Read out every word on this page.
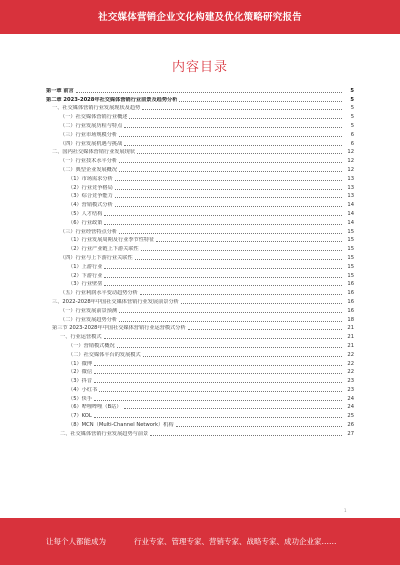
社交媒体营销企业文化构建及优化策略研究报告
内容目录
第一章 前言	5
第二章 2023-2028年社交媒体营销行业前景及趋势分析	5
一、社交媒体营销行业发展现状及趋势	5
（一）社交媒体营销行业概述	5
（二）行业发展历程与特点	5
（三）行业市场规模分析	6
（四）行业发展机遇与挑战	6
二、国内社交媒体营销行业发展现状	12
（一）行业技术水平分析	12
（二）典型企业发展概况	12
（1）市场需求分析	13
（2）行业竞争格局	13
（3）综合竞争能力	13
（4）营销模式分析	14
（5）人才结构	14
（6）行业政策	14
（三）行业经营特点分析	15
（1）行业发展周期及行业季节性特征	15
（2）行业产业链上下游关联性	15
（四）行业与上下游行业关联性	15
（1）上游行业	15
（2）下游行业	15
（3）行业壁垒	16
（五）行业利润水平变动趋势分析	16
三、2022-2028年中国社交媒体营销行业发展前景分析	16
（一）行业发展前景预测	16
（二）行业发展趋势分析	18
第三节 2023-2028年中国社交媒体营销行业运营模式分析	21
一、行业运营模式	21
（一）营销模式概况	21
（二）社交媒体平台的发展模式	22
（1）微博	22
（2）微信	22
（3）抖音	23
（4）小红书	23
（5）快手	24
（6）哔哩哔哩（B站）	24
（7）KOL	25
（8）MCN（Multi-Channel Network）机构	26
二、社交媒体营销行业发展趋势与前景	27
1
让每个人都能成为	行业专家、管理专家、营销专家、战略专家、成功企业家……
